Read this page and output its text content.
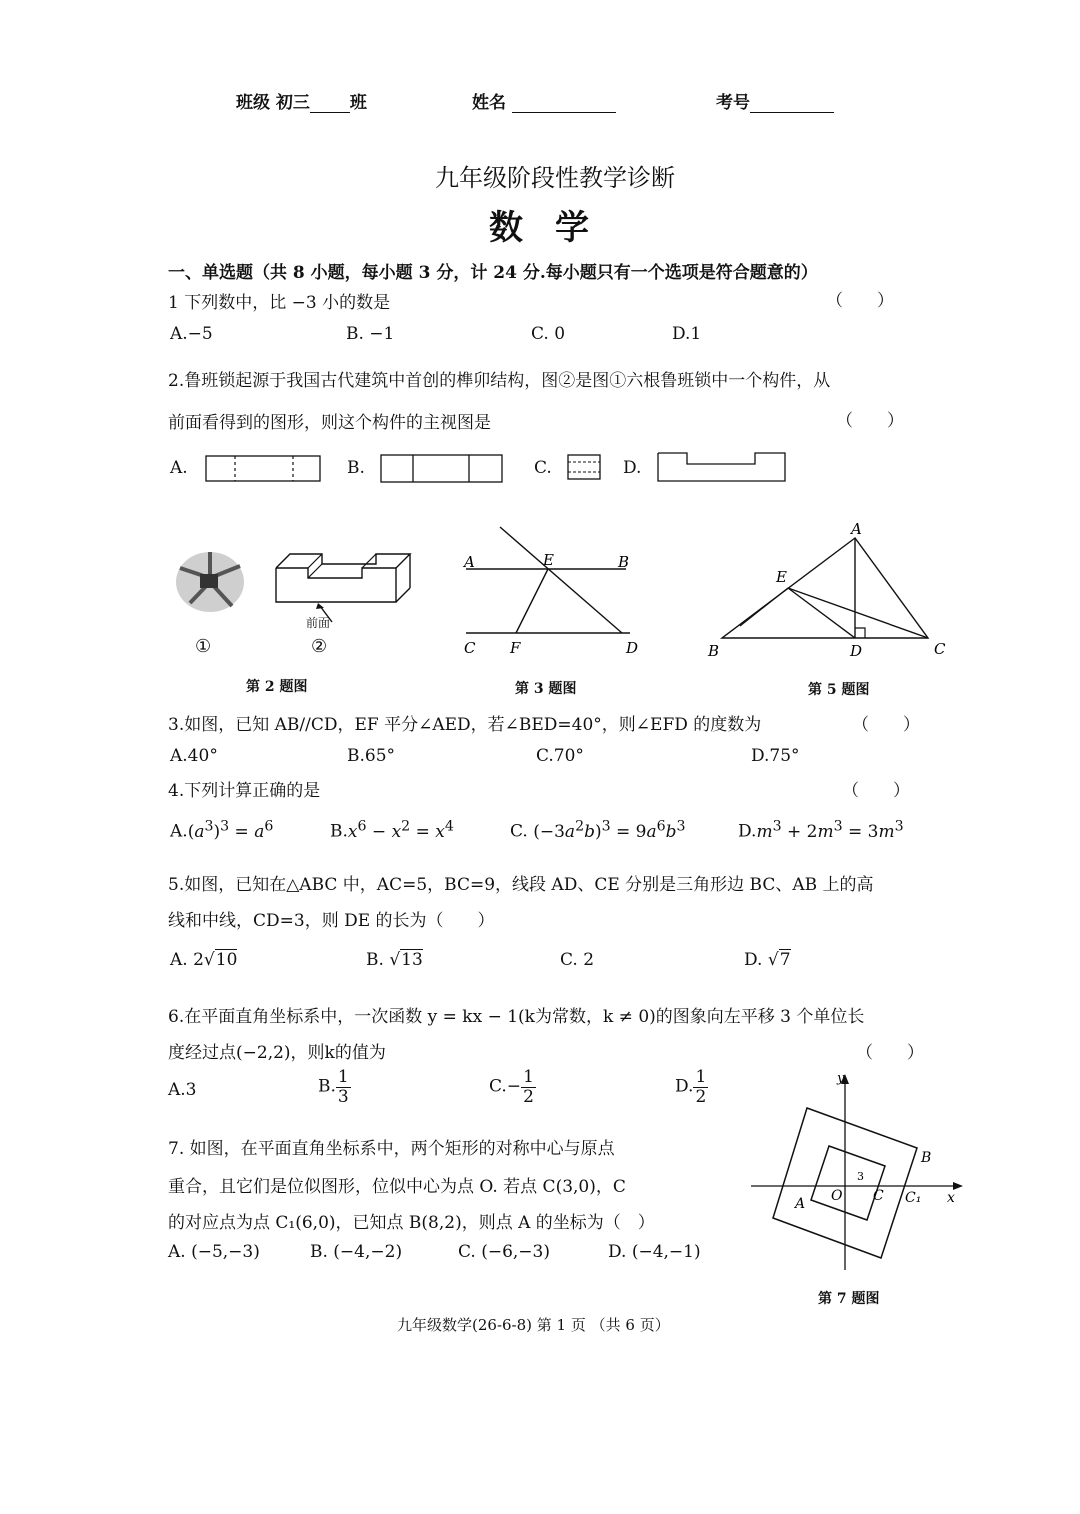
班级 初三 班	姓名	考号
九年级阶段性教学诊断
数学
一、单选题（共 8 小题，每小题 3 分，计 24 分.每小题只有一个选项是符合题意的）
1 下列数中，比 −3 小的数是	（　　）
A.−5	B. −1	C. 0	D.1
2.鲁班锁起源于我国古代建筑中首创的榫卯结构，图②是图①六根鲁班锁中一个构件，从
前面看得到的图形，则这个构件的主视图是	（　　）
A.	B.	C.	D.
前面
①	②
第 2 题图
A	B
E
C F	D
第 3 题图
A
E
B	D	C
第 5 题图
3.如图，已知 AB//CD，EF 平分∠AED，若∠BED=40°，则∠EFD 的度数为	（　　）
A.40°	B.65°	C.70°	D.75°
4.下列计算正确的是	（　　）
$A.(a^3)^3 = a^6$	$B.x^6 - x^2 = x^4$	C. $(-3a^2b)^3 = 9a^6b^3$	$D.m^3 + 2m^3 = 3m^3$
5.如图，已知在△ABC 中，AC=5，BC=9，线段 AD、CE 分别是三角形边 BC、AB 上的高
线和中线，CD=3，则 DE 的长为（　　）
A. 2√10	B. √13	C. 2	D. √7
6.在平面直角坐标系中，一次函数 y = kx − 1(k为常数，k ≠ 0)的图象向左平移 3 个单位长
度经过点(−2,2)，则k的值为	（　　）
A.3	B. $\frac{1}{3}$	$C.- \frac{1}{2}$	D. $\frac{1}{2}$
7. 如图，在平面直角坐标系中，两个矩形的对称中心与原点
重合，且它们是位似图形，位似中心为点 O. 若点 C(3,0)，C
的对应点为点 C₁(6,0)，已知点 B(8,2)，则点 A 的坐标为（　）
A. (−5,−3)	B. (−4,−2)	C. (−6,−3)	D. (−4,−1)
y
x
O
A
B
C C₁
3
第 7 题图
九年级数学(26-6-8) 第 1 页 （共 6 页）
